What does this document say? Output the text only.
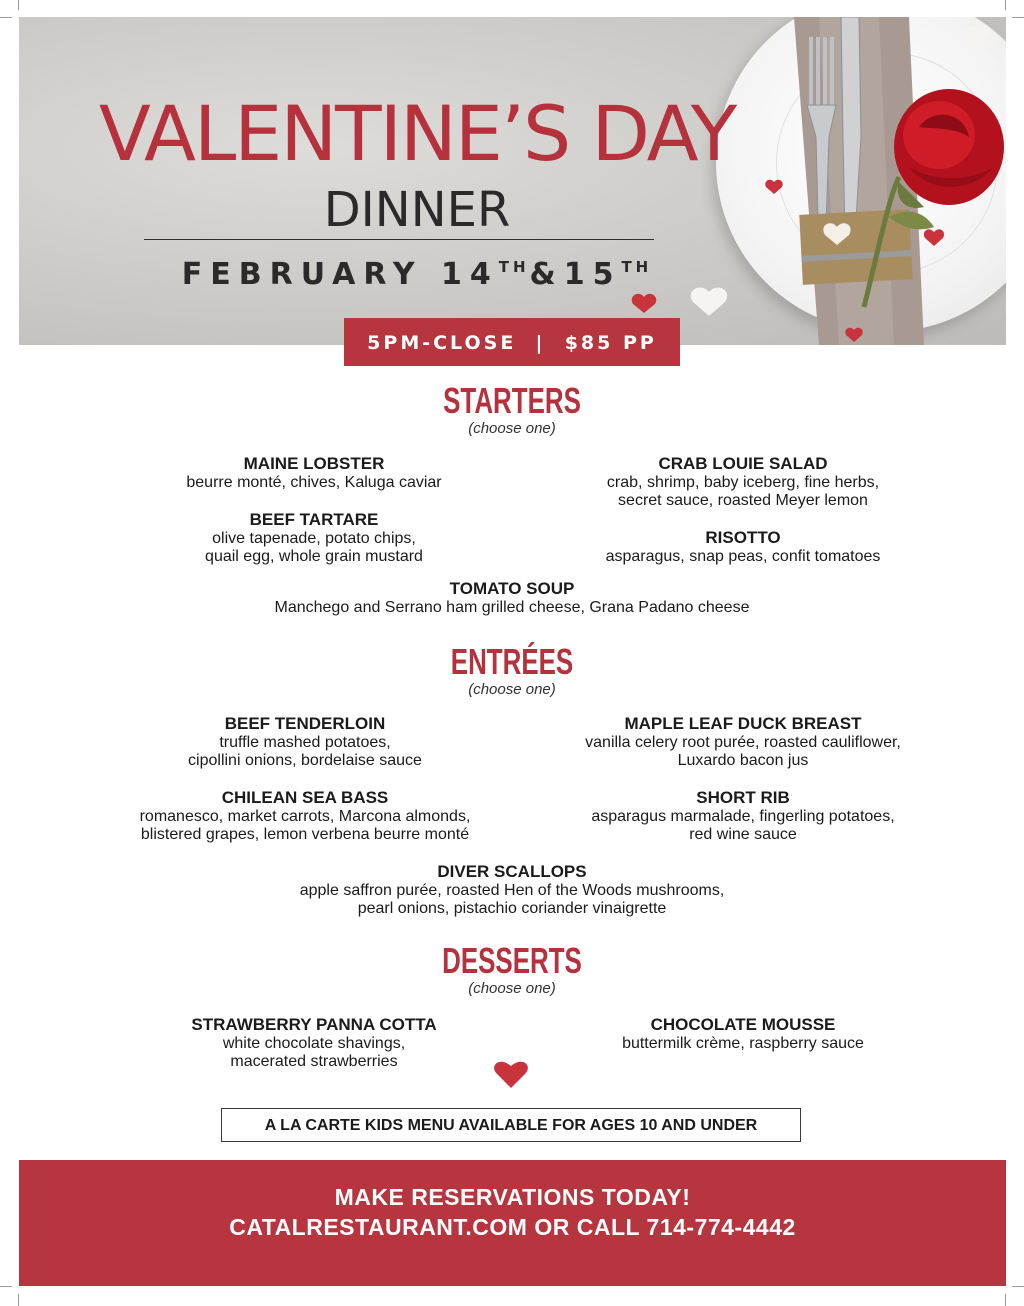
VALENTINE’S DAY
DINNER
FEBRUARY 14TH&15TH
5PM-CLOSE  |  $85 PP
STARTERS
(choose one)
MAINE LOBSTER
beurre monté, chives, Kaluga caviar
CRAB LOUIE SALAD
crab, shrimp, baby iceberg, fine herbs,
secret sauce, roasted Meyer lemon
BEEF TARTARE
olive tapenade, potato chips,
quail egg, whole grain mustard
RISOTTO
asparagus, snap peas, confit tomatoes
TOMATO SOUP
Manchego and Serrano ham grilled cheese, Grana Padano cheese
ENTRÉES
(choose one)
BEEF TENDERLOIN
truffle mashed potatoes,
cipollini onions, bordelaise sauce
MAPLE LEAF DUCK BREAST
vanilla celery root purée, roasted cauliflower,
Luxardo bacon jus
CHILEAN SEA BASS
romanesco, market carrots, Marcona almonds,
blistered grapes, lemon verbena beurre monté
SHORT RIB
asparagus marmalade, fingerling potatoes,
red wine sauce
DIVER SCALLOPS
apple saffron purée, roasted Hen of the Woods mushrooms,
pearl onions, pistachio coriander vinaigrette
DESSERTS
(choose one)
STRAWBERRY PANNA COTTA
white chocolate shavings,
macerated strawberries
CHOCOLATE MOUSSE
buttermilk crème, raspberry sauce
A LA CARTE KIDS MENU AVAILABLE FOR AGES 10 AND UNDER
MAKE RESERVATIONS TODAY!
CATALRESTAURANT.COM OR CALL 714-774-4442
